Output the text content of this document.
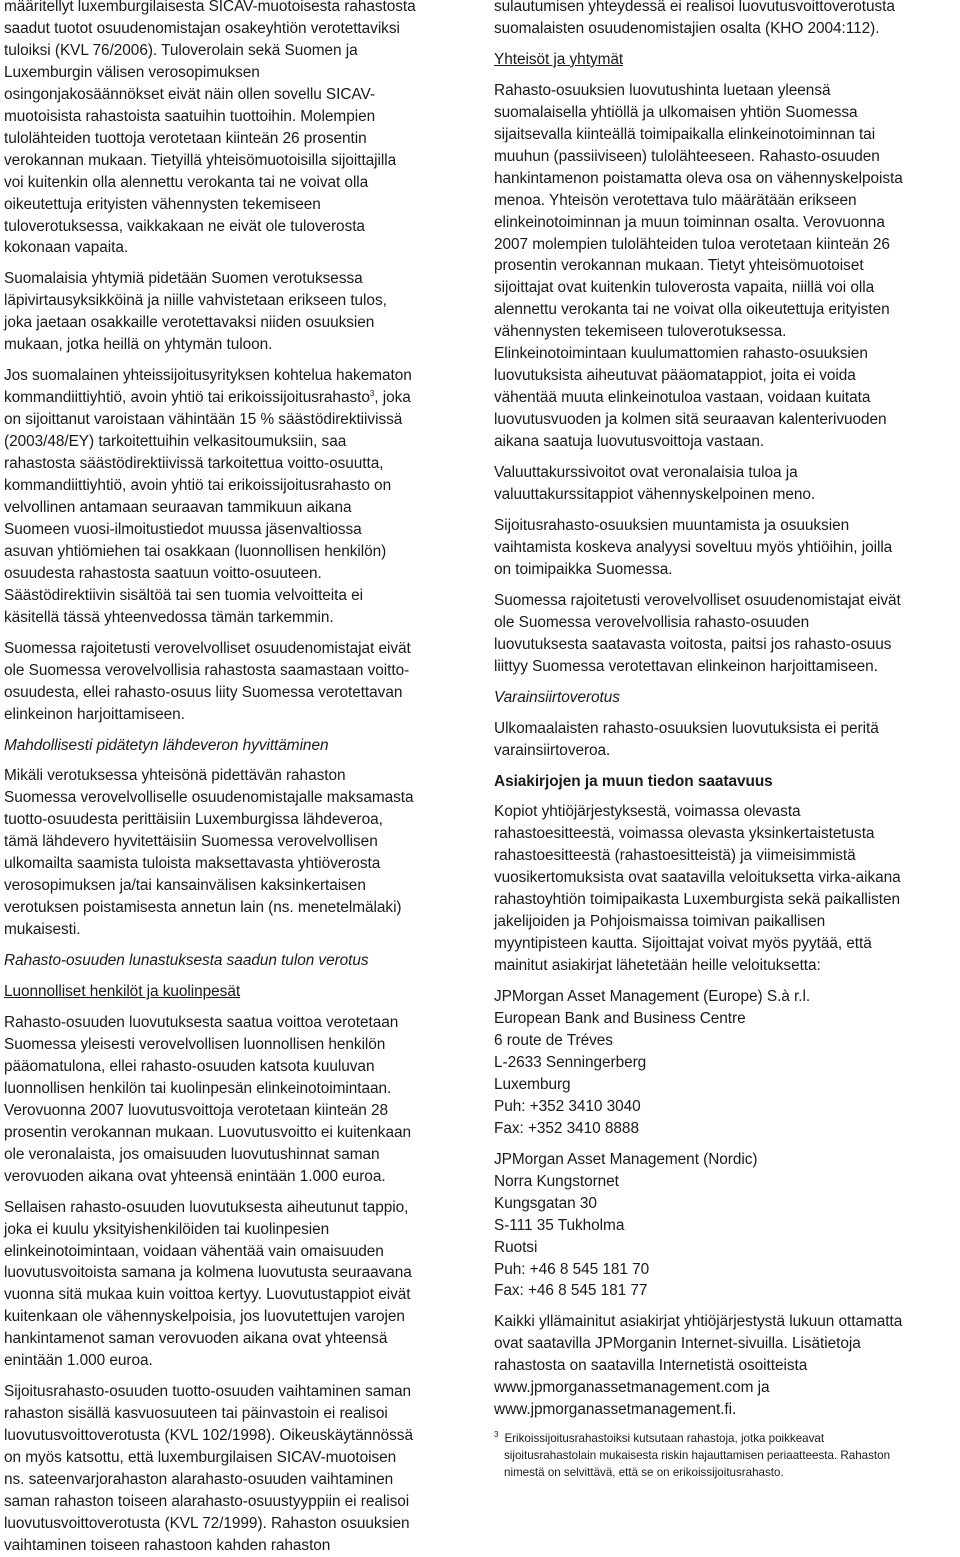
määritellyt luxemburgilaisesta SICAV-muotoisesta rahastosta
saadut tuotot osuudenomistajan osakeyhtiön verotettaviksi
tuloiksi (KVL 76/2006). Tuloverolain sekä Suomen ja
Luxemburgin välisen verosopimuksen
osingonjakosäännökset eivät näin ollen sovellu SICAV-
muotoisista rahastoista saatuihin tuottoihin. Molempien
tulolähteiden tuottoja verotetaan kiinteän 26 prosentin
verokannan mukaan. Tietyillä yhteisömuotoisilla sijoittajilla
voi kuitenkin olla alennettu verokanta tai ne voivat olla
oikeutettuja erityisten vähennysten tekemiseen
tuloverotuksessa, vaikkakaan ne eivät ole tuloverosta
kokonaan vapaita.
Suomalaisia yhtymiä pidetään Suomen verotuksessa
läpivirtausyksikköinä ja niille vahvistetaan erikseen tulos,
joka jaetaan osakkaille verotettavaksi niiden osuuksien
mukaan, jotka heillä on yhtymän tuloon.
Jos suomalainen yhteissijoitusyrityksen kohtelua hakematon
kommandiittiyhtiö, avoin yhtiö tai erikoissijoitusrahasto$^3$, joka
on sijoittanut varoistaan vähintään 15 % säästödirektiivissä
(2003/48/EY) tarkoitettuihin velkasitoumuksiin, saa
rahastosta säästödirektiivissä tarkoitettua voitto-osuutta,
kommandiittiyhtiö, avoin yhtiö tai erikoissijoitusrahasto on
velvollinen antamaan seuraavan tammikuun aikana
Suomeen vuosi-ilmoitustiedot muussa jäsenvaltiossa
asuvan yhtiömiehen tai osakkaan (luonnollisen henkilön)
osuudesta rahastosta saatuun voitto-osuuteen.
Säästödirektiivin sisältöä tai sen tuomia velvoitteita ei
käsitellä tässä yhteenvedossa tämän tarkemmin.
Suomessa rajoitetusti verovelvolliset osuudenomistajat eivät
ole Suomessa verovelvollisia rahastosta saamastaan voitto-
osuudesta, ellei rahasto-osuus liity Suomessa verotettavan
elinkeinon harjoittamiseen.
Mahdollisesti pidätetyn lähdeveron hyvittäminen
Mikäli verotuksessa yhteisönä pidettävän rahaston
Suomessa verovelvolliselle osuudenomistajalle maksamasta
tuotto-osuudesta perittäisiin Luxemburgissa lähdeveroa,
tämä lähdevero hyvitettäisiin Suomessa verovelvollisen
ulkomailta saamista tuloista maksettavasta yhtiöverosta
verosopimuksen ja/tai kansainvälisen kaksinkertaisen
verotuksen poistamisesta annetun lain (ns. menetelmälaki)
mukaisesti.
Rahasto-osuuden lunastuksesta saadun tulon verotus
Luonnolliset henkilöt ja kuolinpesät
Rahasto-osuuden luovutuksesta saatua voittoa verotetaan
Suomessa yleisesti verovelvollisen luonnollisen henkilön
pääomatulona, ellei rahasto-osuuden katsota kuuluvan
luonnollisen henkilön tai kuolinpesän elinkeinotoimintaan.
Verovuonna 2007 luovutusvoittoja verotetaan kiinteän 28
prosentin verokannan mukaan. Luovutusvoitto ei kuitenkaan
ole veronalaista, jos omaisuuden luovutushinnat saman
verovuoden aikana ovat yhteensä enintään 1.000 euroa.
Sellaisen rahasto-osuuden luovutuksesta aiheutunut tappio,
joka ei kuulu yksityishenkilöiden tai kuolinpesien
elinkeinotoimintaan, voidaan vähentää vain omaisuuden
luovutusvoitoista samana ja kolmena luovutusta seuraavana
vuonna sitä mukaa kuin voittoa kertyy. Luovutustappiot eivät
kuitenkaan ole vähennyskelpoisia, jos luovutettujen varojen
hankintamenot saman verovuoden aikana ovat yhteensä
enintään 1.000 euroa.
Sijoitusrahasto-osuuden tuotto-osuuden vaihtaminen saman
rahaston sisällä kasvuosuuteen tai päinvastoin ei realisoi
luovutusvoittoverotusta (KVL 102/1998). Oikeuskäytännössä
on myös katsottu, että luxemburgilaisen SICAV-muotoisen
ns. sateenvarjorahaston alarahasto-osuuden vaihtaminen
saman rahaston toiseen alarahasto-osuustyyppiin ei realisoi
luovutusvoittoverotusta (KVL 72/1999). Rahaston osuuksien
vaihtaminen toiseen rahastoon kahden rahaston
sulautumisen yhteydessä ei realisoi luovutusvoittoverotusta
suomalaisten osuudenomistajien osalta (KHO 2004:112).
Yhteisöt ja yhtymät
Rahasto-osuuksien luovutushinta luetaan yleensä
suomalaisella yhtiöllä ja ulkomaisen yhtiön Suomessa
sijaitsevalla kiinteällä toimipaikalla elinkeinotoiminnan tai
muuhun (passiiviseen) tulolähteeseen. Rahasto-osuuden
hankintamenon poistamatta oleva osa on vähennyskelpoista
menoa. Yhteisön verotettava tulo määrätään erikseen
elinkeinotoiminnan ja muun toiminnan osalta. Verovuonna
2007 molempien tulolähteiden tuloa verotetaan kiinteän 26
prosentin verokannan mukaan. Tietyt yhteisömuotoiset
sijoittajat ovat kuitenkin tuloverosta vapaita, niillä voi olla
alennettu verokanta tai ne voivat olla oikeutettuja erityisten
vähennysten tekemiseen tuloverotuksessa.
Elinkeinotoimintaan kuulumattomien rahasto-osuuksien
luovutuksista aiheutuvat pääomatappiot, joita ei voida
vähentää muuta elinkeinotuloa vastaan, voidaan kuitata
luovutusvuoden ja kolmen sitä seuraavan kalenterivuoden
aikana saatuja luovutusvoittoja vastaan.
Valuuttakurssivoitot ovat veronalaisia tuloa ja
valuuttakurssitappiot vähennyskelpoinen meno.
Sijoitusrahasto-osuuksien muuntamista ja osuuksien
vaihtamista koskeva analyysi soveltuu myös yhtiöihin, joilla
on toimipaikka Suomessa.
Suomessa rajoitetusti verovelvolliset osuudenomistajat eivät
ole Suomessa verovelvollisia rahasto-osuuden
luovutuksesta saatavasta voitosta, paitsi jos rahasto-osuus
liittyy Suomessa verotettavan elinkeinon harjoittamiseen.
Varainsiirtoverotus
Ulkomaalaisten rahasto-osuuksien luovutuksista ei peritä
varainsiirtoveroa.
Asiakirjojen ja muun tiedon saatavuus
Kopiot yhtiöjärjestyksestä, voimassa olevasta
rahastoesitteestä, voimassa olevasta yksinkertaistetusta
rahastoesitteestä (rahastoesitteistä) ja viimeisimmistä
vuosikertomuksista ovat saatavilla veloituksetta virka-aikana
rahastoyhtiön toimipaikasta Luxemburgista sekä paikallisten
jakelijoiden ja Pohjoismaissa toimivan paikallisen
myyntipisteen kautta. Sijoittajat voivat myös pyytää, että
mainitut asiakirjat lähetetään heille veloituksetta:
JPMorgan Asset Management (Europe) S.à r.l.
European Bank and Business Centre
6 route de Tréves
L-2633 Senningerberg
Luxemburg
Puh: +352 3410 3040
Fax: +352 3410 8888
JPMorgan Asset Management (Nordic)
Norra Kungstornet
Kungsgatan 30
S-111 35 Tukholma
Ruotsi
Puh: +46 8 545 181 70
Fax: +46 8 545 181 77
Kaikki yllämainitut asiakirjat yhtiöjärjestystä lukuun ottamatta
ovat saatavilla JPMorganin Internet-sivuilla. Lisätietoja
rahastosta on saatavilla Internetistä osoitteista
www.jpmorganassetmanagement.com ja
www.jpmorganassetmanagement.fi.
$^3$ Erikoissijoitusrahastoiksi kutsutaan rahastoja, jotka poikkeavat
sijoitusrahastolain mukaisesta riskin hajauttamisen periaatteesta. Rahaston
nimestä on selvittävä, että se on erikoissijoitusrahasto.
